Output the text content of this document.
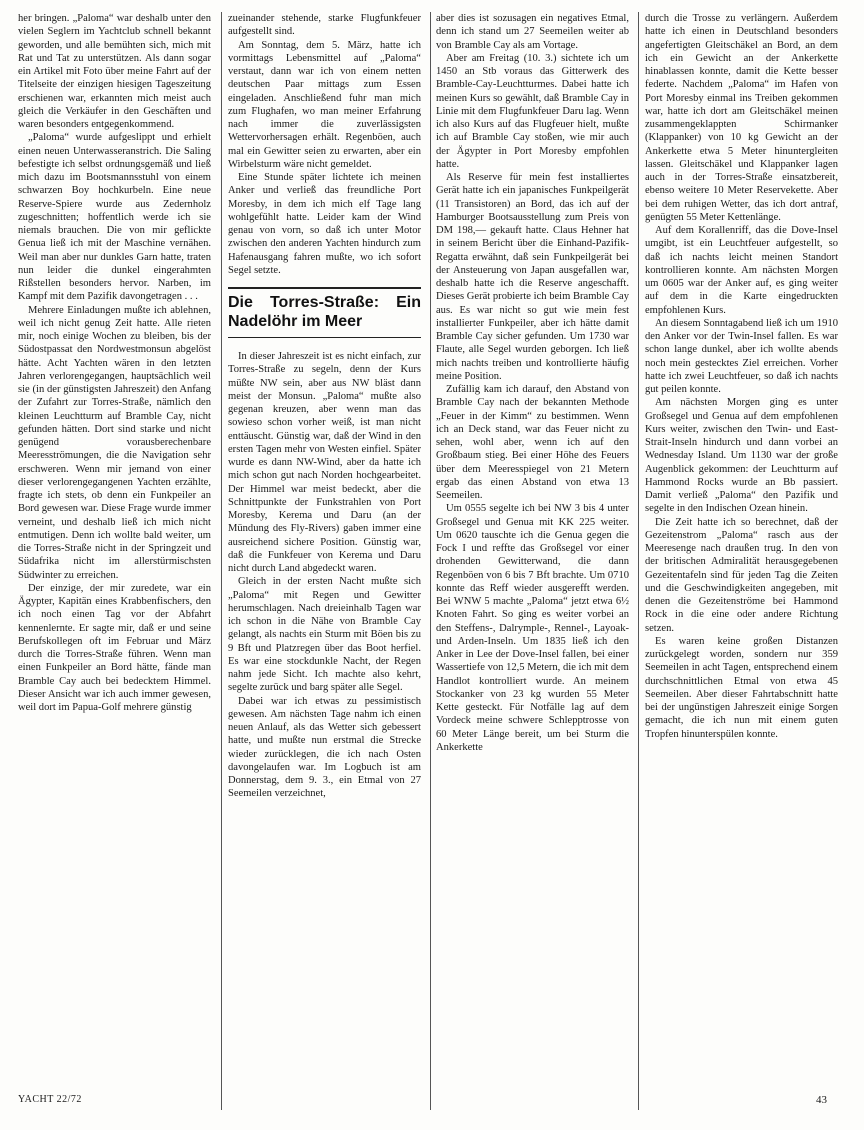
her bringen. „Paloma“ war deshalb unter den vielen Seglern im Yachtclub schnell bekannt geworden, und alle bemühten sich, mich mit Rat und Tat zu unterstützen. Als dann sogar ein Artikel mit Foto über meine Fahrt auf der Titelseite der einzigen hiesigen Tageszeitung erschienen war, erkannten mich meist auch gleich die Verkäufer in den Geschäften und waren besonders entgegenkommend.

„Paloma“ wurde aufgeslippt und erhielt einen neuen Unterwasseranstrich. Die Saling befestigte ich selbst ordnungsgemäß und ließ mich dazu im Bootsmannsstuhl von einem schwarzen Boy hochkurbeln. Eine neue Reserve-Spiere wurde aus Zedernholz zugeschnitten; hoffentlich werde ich sie niemals brauchen. Die von mir geflickte Genua ließ ich mit der Maschine vernähen. Weil man aber nur dunkles Garn hatte, traten nun leider die dunkel eingerahmten Rißstellen besonders hervor. Narben, im Kampf mit dem Pazifik davongetragen . . .

Mehrere Einladungen mußte ich ablehnen, weil ich nicht genug Zeit hatte. Alle rieten mir, noch einige Wochen zu bleiben, bis der Südostpassat den Nordwestmonsun abgelöst hätte. Acht Yachten wären in den letzten Jahren verlorengegangen, hauptsächlich weil sie (in der günstigsten Jahreszeit) den Anfang der Zufahrt zur Torres-Straße, nämlich den kleinen Leuchtturm auf Bramble Cay, nicht gefunden hätten. Dort sind starke und nicht genügend vorausberechenbare Meeresströmungen, die die Navigation sehr erschweren. Wenn mir jemand von einer dieser verlorengegangenen Yachten erzählte, fragte ich stets, ob denn ein Funkpeiler an Bord gewesen war. Diese Frage wurde immer verneint, und deshalb ließ ich mich nicht entmutigen. Denn ich wollte bald weiter, um die Torres-Straße nicht in der Springzeit und Südafrika nicht im allerstürmischsten Südwinter zu erreichen.

Der einzige, der mir zuredete, war ein Ägypter, Kapitän eines Krabbenfischers, den ich noch einen Tag vor der Abfahrt kennenlernte. Er sagte mir, daß er und seine Berufskollegen oft im Februar und März durch die Torres-Straße führen. Wenn man einen Funkpeiler an Bord hätte, fände man Bramble Cay auch bei bedecktem Himmel. Dieser Ansicht war ich auch immer gewesen, weil dort im Papua-Golf mehrere günstig

zueinander stehende, starke Flugfunkfeuer aufgestellt sind.

Am Sonntag, dem 5. März, hatte ich vormittags Lebensmittel auf „Paloma“ verstaut, dann war ich von einem netten deutschen Paar mittags zum Essen eingeladen. Anschließend fuhr man mich zum Flughafen, wo man meiner Erfahrung nach immer die zuverlässigsten Wettervorhersagen erhält. Regenböen, auch mal ein Gewitter seien zu erwarten, aber ein Wirbelsturm wäre nicht gemeldet.

Eine Stunde später lichtete ich meinen Anker und verließ das freundliche Port Moresby, in dem ich mich elf Tage lang wohlgefühlt hatte. Leider kam der Wind genau von vorn, so daß ich unter Motor zwischen den anderen Yachten hindurch zum Hafenausgang fahren mußte, wo ich sofort Segel setzte.

Die Torres-Straße: Ein Nadelöhr im Meer

In dieser Jahreszeit ist es nicht einfach, zur Torres-Straße zu segeln, denn der Kurs müßte NW sein, aber aus NW bläst dann meist der Monsun. „Paloma“ mußte also gegenan kreuzen, aber wenn man das sowieso schon vorher weiß, ist man nicht enttäuscht. Günstig war, daß der Wind in den ersten Tagen mehr von Westen einfiel. Später wurde es dann NW-Wind, aber da hatte ich mich schon gut nach Norden hochgearbeitet. Der Himmel war meist bedeckt, aber die Schnittpunkte der Funkstrahlen von Port Moresby, Kerema und Daru (an der Mündung des Fly-Rivers) gaben immer eine ausreichend sichere Position. Günstig war, daß die Funkfeuer von Kerema und Daru nicht durch Land abgedeckt waren.

Gleich in der ersten Nacht mußte sich „Paloma“ mit Regen und Gewitter herumschlagen. Nach dreieinhalb Tagen war ich schon in die Nähe von Bramble Cay gelangt, als nachts ein Sturm mit Böen bis zu 9 Bft und Platzregen über das Boot herfiel. Es war eine stockdunkle Nacht, der Regen nahm jede Sicht. Ich machte also kehrt, segelte zurück und barg später alle Segel.

Dabei war ich etwas zu pessimistisch gewesen. Am nächsten Tage nahm ich einen neuen Anlauf, als das Wetter sich gebessert hatte, und mußte nun erstmal die Strecke wieder zurücklegen, die ich nach Osten davongelaufen war. Im Logbuch ist am Donnerstag, dem 9. 3., ein Etmal von 27 Seemeilen verzeichnet,

aber dies ist sozusagen ein negatives Etmal, denn ich stand um 27 Seemeilen weiter ab von Bramble Cay als am Vortage.

Aber am Freitag (10. 3.) sichtete ich um 1450 an Stb voraus das Gitterwerk des Bramble-Cay-Leuchtturmes. Dabei hatte ich meinen Kurs so gewählt, daß Bramble Cay in Linie mit dem Flugfunkfeuer Daru lag. Wenn ich also Kurs auf das Flugfeuer hielt, mußte ich auf Bramble Cay stoßen, wie mir auch der Ägypter in Port Moresby empfohlen hatte.

Als Reserve für mein fest installiertes Gerät hatte ich ein japanisches Funkpeilgerät (11 Transistoren) an Bord, das ich auf der Hamburger Bootsausstellung zum Preis von DM 198,— gekauft hatte. Claus Hehner hat in seinem Bericht über die Einhand-Pazifik-Regatta erwähnt, daß sein Funkpeilgerät bei der Ansteuerung von Japan ausgefallen war, deshalb hatte ich die Reserve angeschafft. Dieses Gerät probierte ich beim Bramble Cay aus. Es war nicht so gut wie mein fest installierter Funkpeiler, aber ich hätte damit Bramble Cay sicher gefunden. Um 1730 war Flaute, alle Segel wurden geborgen. Ich ließ mich nachts treiben und kontrollierte häufig meine Position.

Zufällig kam ich darauf, den Abstand von Bramble Cay nach der bekannten Methode „Feuer in der Kimm“ zu bestimmen. Wenn ich an Deck stand, war das Feuer nicht zu sehen, wohl aber, wenn ich auf den Großbaum stieg. Bei einer Höhe des Feuers über dem Meeresspiegel von 21 Metern ergab das einen Abstand von etwa 13 Seemeilen.

Um 0555 segelte ich bei NW 3 bis 4 unter Großsegel und Genua mit KK 225 weiter. Um 0620 tauschte ich die Genua gegen die Fock I und reffte das Großsegel vor einer drohenden Gewitterwand, die dann Regenböen von 6 bis 7 Bft brachte. Um 0710 konnte das Reff wieder ausgerefft werden. Bei WNW 5 machte „Paloma“ jetzt etwa 6½ Knoten Fahrt. So ging es weiter vorbei an den Steffens-, Dalrymple-, Rennel-, Layoak- und Arden-Inseln. Um 1835 ließ ich den Anker in Lee der Dove-Insel fallen, bei einer Wassertiefe von 12,5 Metern, die ich mit dem Handlot kontrolliert wurde. An meinem Stockanker von 23 kg wurden 55 Meter Kette gesteckt. Für Notfälle lag auf dem Vordeck meine schwere Schlepptrosse von 60 Meter Länge bereit, um bei Sturm die Ankerkette

durch die Trosse zu verlängern. Außerdem hatte ich einen in Deutschland besonders angefertigten Gleitschäkel an Bord, an dem ich ein Gewicht an der Ankerkette hinablassen konnte, damit die Kette besser federte. Nachdem „Paloma“ im Hafen von Port Moresby einmal ins Treiben gekommen war, hatte ich dort am Gleitschäkel meinen zusammengeklappten Schirmanker (Klappanker) von 10 kg Gewicht an der Ankerkette etwa 5 Meter hinuntergleiten lassen. Gleitschäkel und Klappanker lagen auch in der Torres-Straße einsatzbereit, ebenso weitere 10 Meter Reservekette. Aber bei dem ruhigen Wetter, das ich dort antraf, genügten 55 Meter Kettenlänge.

Auf dem Korallenriff, das die Dove-Insel umgibt, ist ein Leuchtfeuer aufgestellt, so daß ich nachts leicht meinen Standort kontrollieren konnte. Am nächsten Morgen um 0605 war der Anker auf, es ging weiter auf dem in die Karte eingedruckten empfohlenen Kurs.

An diesem Sonntagabend ließ ich um 1910 den Anker vor der Twin-Insel fallen. Es war schon lange dunkel, aber ich wollte abends noch mein gestecktes Ziel erreichen. Vorher hatte ich zwei Leuchtfeuer, so daß ich nachts gut peilen konnte.

Am nächsten Morgen ging es unter Großsegel und Genua auf dem empfohlenen Kurs weiter, zwischen den Twin- und East-Strait-Inseln hindurch und dann vorbei an Wednesday Island. Um 1130 war der große Augenblick gekommen: der Leuchtturm auf Hammond Rocks wurde an Bb passiert. Damit verließ „Paloma“ den Pazifik und segelte in den Indischen Ozean hinein.

Die Zeit hatte ich so berechnet, daß der Gezeitenstrom „Paloma“ rasch aus der Meeresenge nach draußen trug. In den von der britischen Admiralität herausgegebenen Gezeitentafeln sind für jeden Tag die Zeiten und die Geschwindigkeiten angegeben, mit denen die Gezeitenströme bei Hammond Rock in die eine oder andere Richtung setzen.

Es waren keine großen Distanzen zurückgelegt worden, sondern nur 359 Seemeilen in acht Tagen, entsprechend einem durchschnittlichen Etmal von etwa 45 Seemeilen. Aber dieser Fahrtabschnitt hatte bei der ungünstigen Jahreszeit einige Sorgen gemacht, die ich nun mit einem guten Tropfen hinunterspülen konnte.

YACHT 22/72	43
